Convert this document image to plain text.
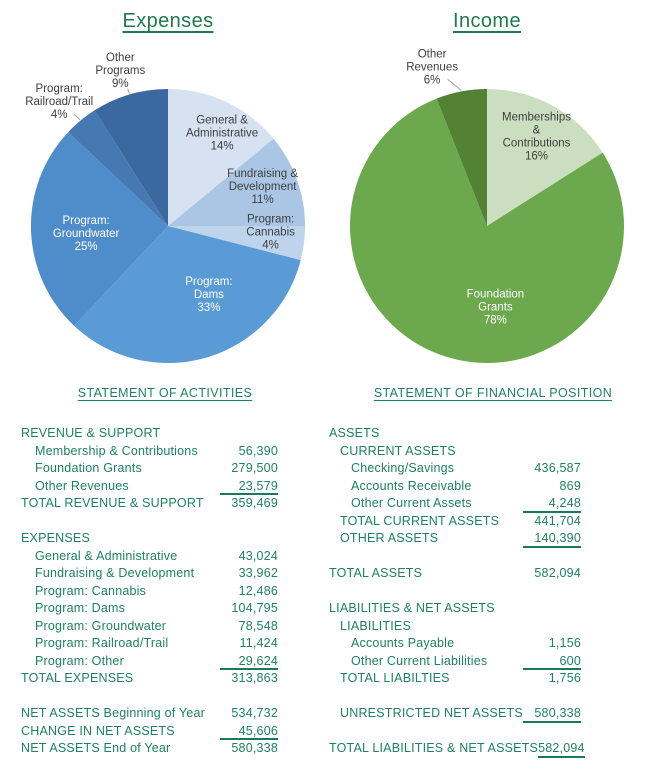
Expenses
General & Administrative 14%
Fundraising & Development 11%
Program: Cannabis 4%
Program: Dams 33%
Program: Groundwater 25%
Program: Railroad/Trail 4%
Other Programs 9%
Income
Memberships & Contributions 16%
Foundation Grants 78%
Other Revenues 6%
STATEMENT OF ACTIVITIES
REVENUE & SUPPORT
Membership & Contributions	56,390
Foundation Grants	279,500
Other Revenues	23,579
TOTAL REVENUE & SUPPORT	359,469
EXPENSES
General & Administrative	43,024
Fundraising & Development	33,962
Program: Cannabis	12,486
Program: Dams	104,795
Program: Groundwater	78,548
Program: Railroad/Trail	11,424
Program: Other	29,624
TOTAL EXPENSES	313,863
NET ASSETS Beginning of Year	534,732
CHANGE IN NET ASSETS	45,606
NET ASSETS End of Year	580,338
STATEMENT OF FINANCIAL POSITION
ASSETS
CURRENT ASSETS
Checking/Savings	436,587
Accounts Receivable	869
Other Current Assets	4,248
TOTAL CURRENT ASSETS	441,704
OTHER ASSETS	140,390
TOTAL ASSETS	582,094
LIABILITIES & NET ASSETS
LIABILITIES
Accounts Payable	1,156
Other Current Liabilities	600
TOTAL LIABILTIES	1,756
UNRESTRICTED NET ASSETS 580,338
TOTAL LIABILITIES & NET ASSETS 582,094
